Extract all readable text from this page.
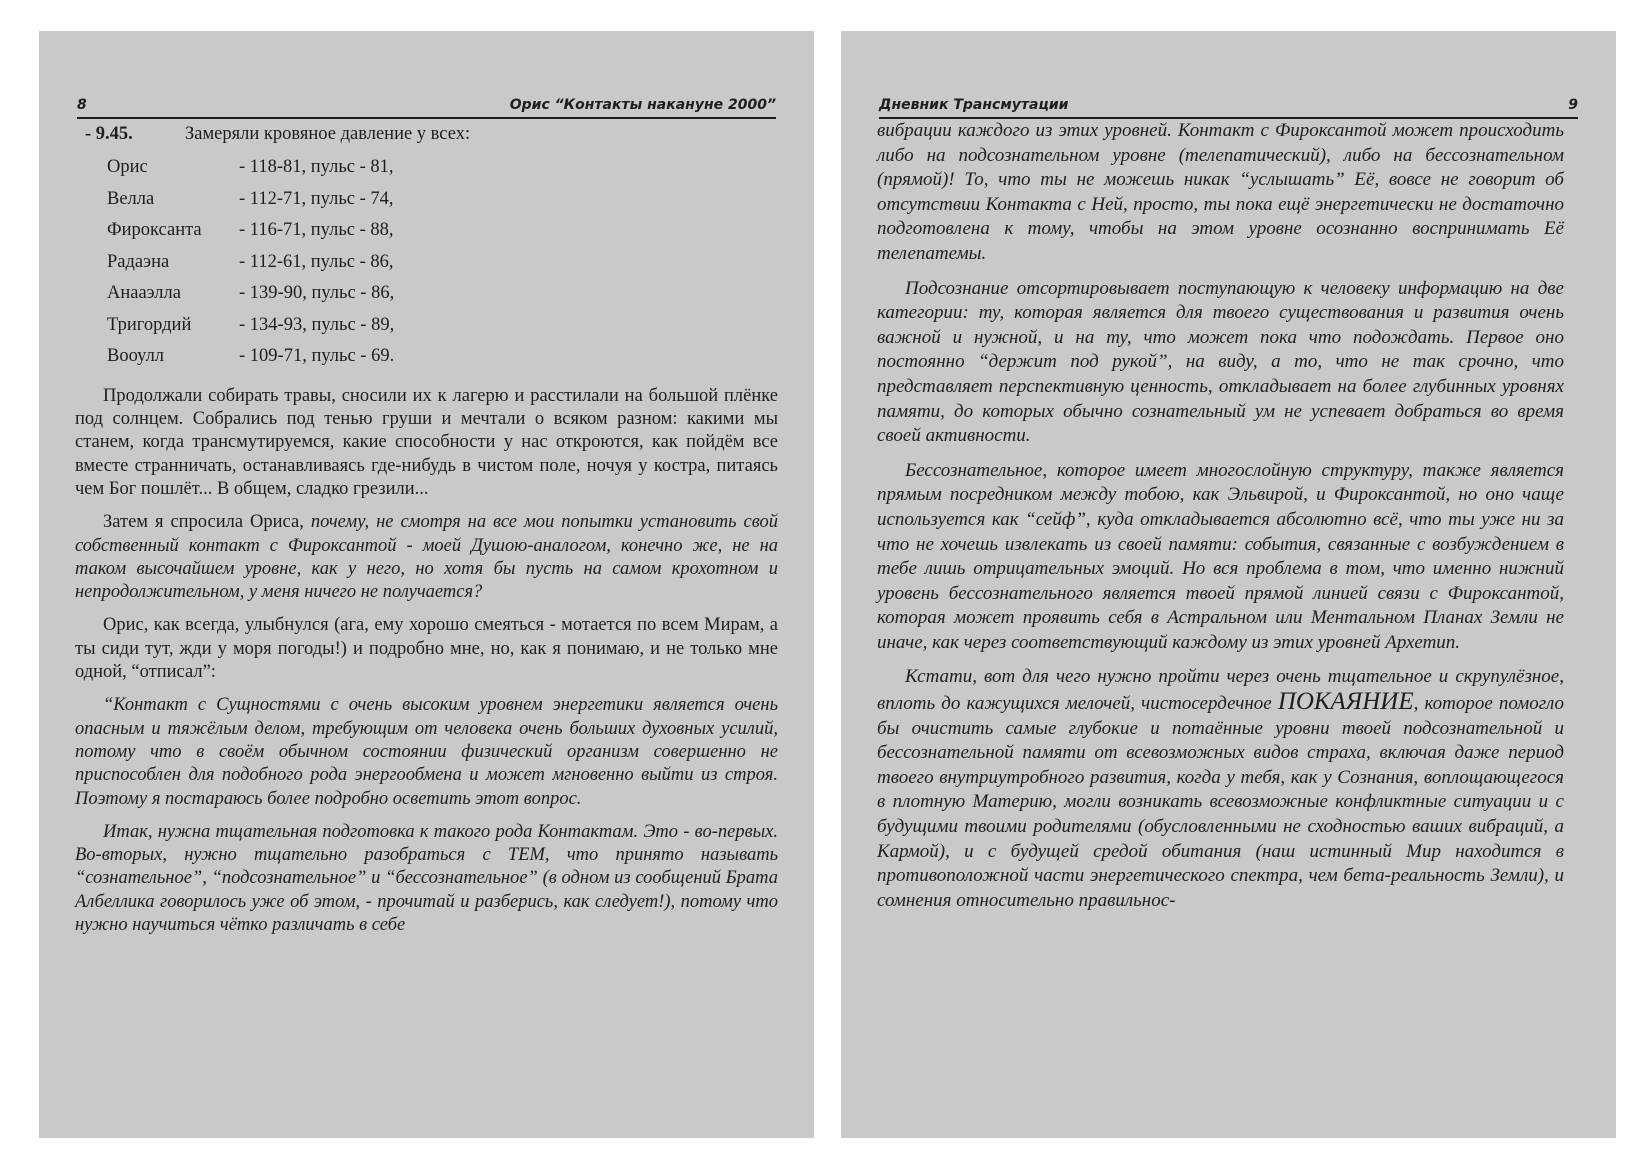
8	Орис “Контакты накануне 2000”
- 9.45.	Замеряли кровяное давление у всех:
Орис	- 118-81, пульс - 81,
Велла	- 112-71, пульс - 74,
Фироксанта	- 116-71, пульс - 88,
Радаэна	- 112-61, пульс - 86,
Анааэлла	- 139-90, пульс - 86,
Тригордий	- 134-93, пульс - 89,
Вооулл	- 109-71, пульс - 69.

Продолжали собирать травы, сносили их к лагерю и расстилали на большой плёнке под солнцем. Собрались под тенью груши и мечтали о всяком разном: какими мы станем, когда трансмутируемся, какие способности у нас откроются, как пойдём все вместе странничать, останавливаясь где-нибудь в чистом поле, ночуя у костра, питаясь чем Бог пошлёт... В общем, сладко грезили...

Затем я спросила Ориса, почему, не смотря на все мои попытки установить свой собственный контакт с Фироксантой - моей Душою-аналогом, конечно же, не на таком высочайшем уровне, как у него, но хотя бы пусть на самом крохотном и непродолжительном, у меня ничего не получается?

Орис, как всегда, улыбнулся (ага, ему хорошо смеяться - мотается по всем Мирам, а ты сиди тут, жди у моря погоды!) и подробно мне, но, как я понимаю, и не только мне одной, “отписал”:

“Контакт с Сущностями с очень высоким уровнем энергетики является очень опасным и тяжёлым делом, требующим от человека очень больших духовных усилий, потому что в своём обычном состоянии физический организм совершенно не приспособлен для подобного рода энергообмена и может мгновенно выйти из строя. Поэтому я постараюсь более подробно осветить этот вопрос.

Итак, нужна тщательная подготовка к такого рода Контактам. Это - во-первых. Во-вторых, нужно тщательно разобраться с ТЕМ, что принято называть “сознательное”, “подсознательное” и “бессознательное” (в одном из сообщений Брата Албеллика говорилось уже об этом, - прочитай и разберись, как следует!), потому что нужно научиться чётко различать в себе

Дневник Трансмутации	9

вибрации каждого из этих уровней. Контакт с Фироксантой может происходить либо на подсознательном уровне (телепатический), либо на бессознательном (прямой)! То, что ты не можешь никак “услышать” Её, вовсе не говорит об отсутствии Контакта с Ней, просто, ты пока ещё энергетически не достаточно подготовлена к тому, чтобы на этом уровне осознанно воспринимать Её телепатемы.

Подсознание отсортировывает поступающую к человеку информацию на две категории: ту, которая является для твоего существования и развития очень важной и нужной, и на ту, что может пока что подождать. Первое оно постоянно “держит под рукой”, на виду, а то, что не так срочно, что представляет перспективную ценность, откладывает на более глубинных уровнях памяти, до которых обычно сознательный ум не успевает добраться во время своей активности.

Бессознательное, которое имеет многослойную структуру, также является прямым посредником между тобою, как Эльвирой, и Фироксантой, но оно чаще используется как “сейф”, куда откладывается абсолютно всё, что ты уже ни за что не хочешь извлекать из своей памяти: события, связанные с возбуждением в тебе лишь отрицательных эмоций. Но вся проблема в том, что именно нижний уровень бессознательного является твоей прямой линией связи с Фироксантой, которая может проявить себя в Астральном или Ментальном Планах Земли не иначе, как через соответствующий каждому из этих уровней Архетип.

Кстати, вот для чего нужно пройти через очень тщательное и скрупулёзное, вплоть до кажущихся мелочей, чистосердечное ПОКАЯНИЕ, которое помогло бы очистить самые глубокие и потаённые уровни твоей подсознательной и бессознательной памяти от всевозможных видов страха, включая даже период твоего внутриутробного развития, когда у тебя, как у Сознания, воплощающегося в плотную Материю, могли возникать всевозможные конфликтные ситуации и с будущими твоими родителями (обусловленными не сходностью ваших вибраций, а Кармой), и с будущей средой обитания (наш истинный Мир находится в противоположной части энергетического спектра, чем бета-реальность Земли), и сомнения относительно правильнос-
